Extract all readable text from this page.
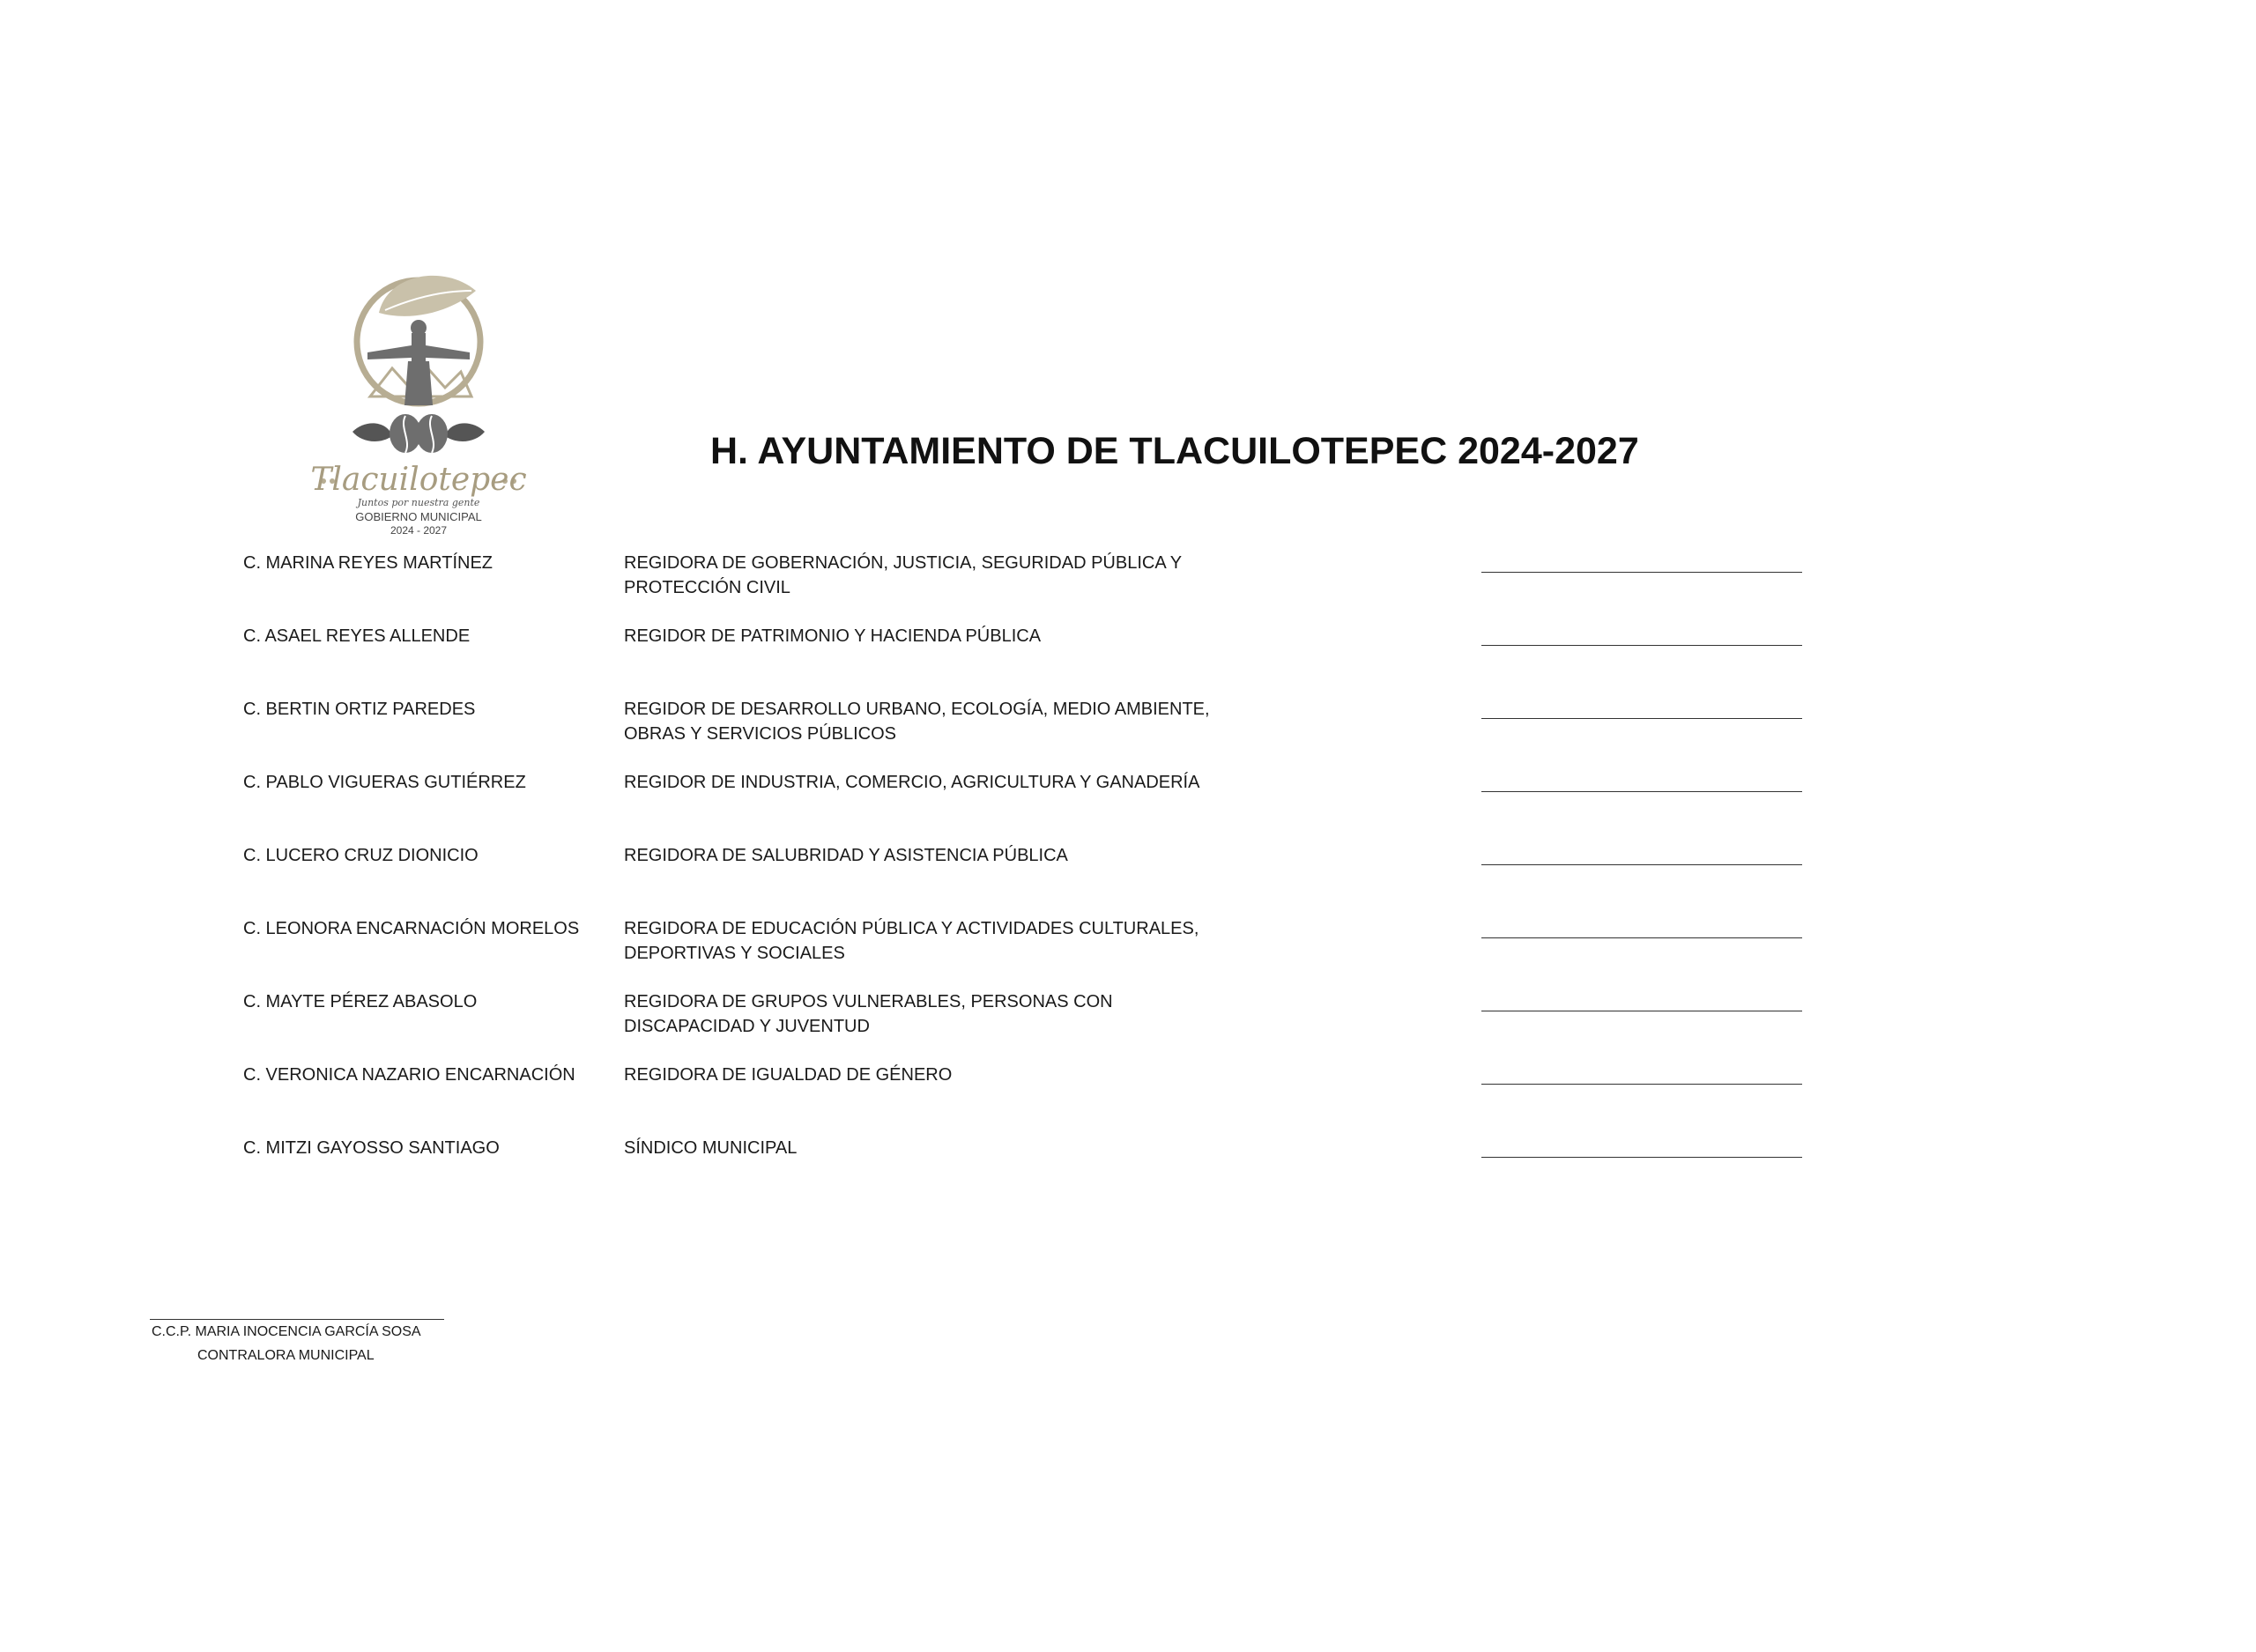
Tlacuilotepec
Juntos por nuestra gente
GOBIERNO MUNICIPAL
2024 - 2027
H. AYUNTAMIENTO DE TLACUILOTEPEC 2024-2027
C. MARINA REYES MARTÍNEZ	REGIDORA DE GOBERNACIÓN, JUSTICIA, SEGURIDAD PÚBLICA Y PROTECCIÓN CIVIL
C. ASAEL REYES ALLENDE	REGIDOR DE PATRIMONIO Y HACIENDA PÚBLICA
C. BERTIN ORTIZ PAREDES	REGIDOR DE DESARROLLO URBANO, ECOLOGÍA, MEDIO AMBIENTE, OBRAS Y SERVICIOS PÚBLICOS
C. PABLO VIGUERAS GUTIÉRREZ	REGIDOR DE INDUSTRIA, COMERCIO, AGRICULTURA Y GANADERÍA
C. LUCERO CRUZ DIONICIO	REGIDORA DE SALUBRIDAD Y ASISTENCIA PÚBLICA
C. LEONORA ENCARNACIÓN MORELOS	REGIDORA DE EDUCACIÓN PÚBLICA Y ACTIVIDADES CULTURALES, DEPORTIVAS Y SOCIALES
C. MAYTE PÉREZ ABASOLO	REGIDORA DE GRUPOS VULNERABLES, PERSONAS CON DISCAPACIDAD Y JUVENTUD
C. VERONICA NAZARIO ENCARNACIÓN	REGIDORA DE IGUALDAD DE GÉNERO
C. MITZI GAYOSSO SANTIAGO	SÍNDICO MUNICIPAL
C.C.P. MARIA INOCENCIA GARCÍA SOSA
CONTRALORA MUNICIPAL
